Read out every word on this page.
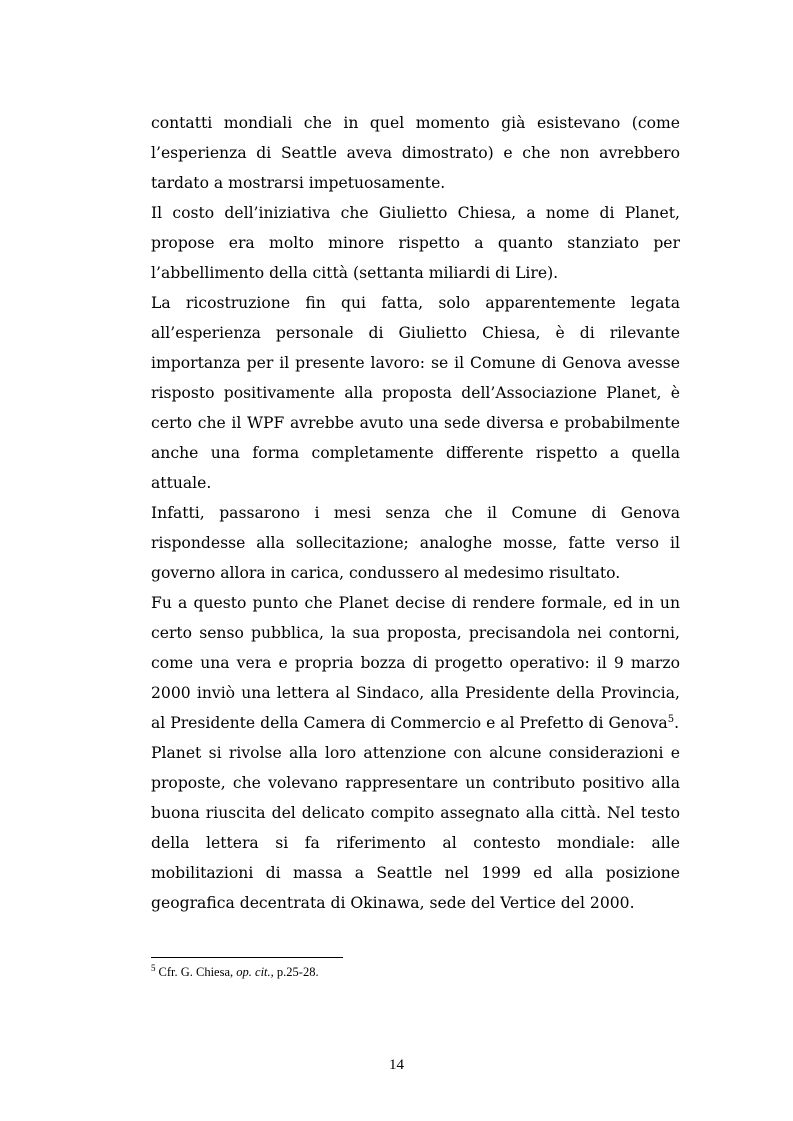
contatti mondiali che in quel momento già esistevano (come l’esperienza di Seattle aveva dimostrato) e che non avrebbero tardato a mostrarsi impetuosamente.

Il costo dell’iniziativa che Giulietto Chiesa, a nome di Planet, propose era molto minore rispetto a quanto stanziato per l’abbellimento della città (settanta miliardi di Lire).

La ricostruzione fin qui fatta, solo apparentemente legata all’esperienza personale di Giulietto Chiesa, è di rilevante importanza per il presente lavoro: se il Comune di Genova avesse risposto positivamente alla proposta dell’Associazione Planet, è certo che il WPF avrebbe avuto una sede diversa e probabilmente anche una forma completamente differente rispetto a quella attuale.

Infatti, passarono i mesi senza che il Comune di Genova rispondesse alla sollecitazione; analoghe mosse, fatte verso il governo allora in carica, condussero al medesimo risultato.

Fu a questo punto che Planet decise di rendere formale, ed in un certo senso pubblica, la sua proposta, precisandola nei contorni, come una vera e propria bozza di progetto operativo: il 9 marzo 2000 inviò una lettera al Sindaco, alla Presidente della Provincia, al Presidente della Camera di Commercio e al Prefetto di Genova$^5$.

Planet si rivolse alla loro attenzione con alcune considerazioni e proposte, che volevano rappresentare un contributo positivo alla buona riuscita del delicato compito assegnato alla città. Nel testo della lettera si fa riferimento al contesto mondiale: alle mobilitazioni di massa a Seattle nel 1999 ed alla posizione geografica decentrata di Okinawa, sede del Vertice del 2000.

$^5$ Cfr. G. Chiesa, op. cit., p.25-28.
14
